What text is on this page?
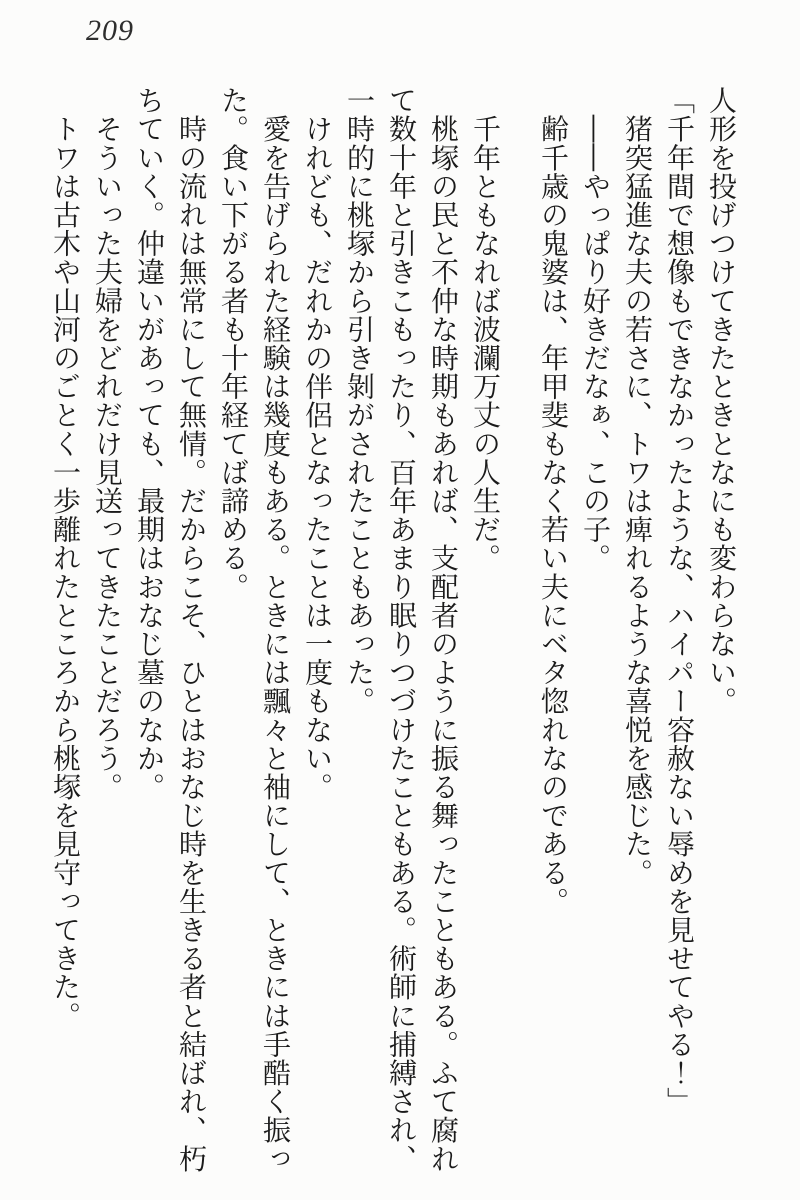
209

人形を投げつけてきたときとなにも変わらない。

「千年間で想像もできなかったような、ハイパー容赦ない辱めを見せてやる！」

　猪突猛進な夫の若さに、トワは痺れるような喜悦を感じた。

　――やっぱり好きだなぁ、この子。

　齢千歳の鬼婆は、年甲斐もなく若い夫にベタ惚れなのである。

　千年ともなれば波瀾万丈の人生だ。

　桃塚の民と不仲な時期もあれば、支配者のように振る舞ったこともある。ふて腐れ

て数十年と引きこもったり、百年あまり眠りつづけたこともある。術師に捕縛され、

一時的に桃塚から引き剝がされたこともあった。

　けれども、だれかの伴侶となったことは一度もない。

　愛を告げられた経験は幾度もある。ときには飄々と袖にして、ときには手酷く振っ

た。食い下がる者も十年経てば諦める。

　時の流れは無常にして無情。だからこそ、ひとはおなじ時を生きる者と結ばれ、朽

ちていく。仲違いがあっても、最期はおなじ墓のなか。

　そういった夫婦をどれだけ見送ってきたことだろう。

　トワは古木や山河のごとく一歩離れたところから桃塚を見守ってきた。
